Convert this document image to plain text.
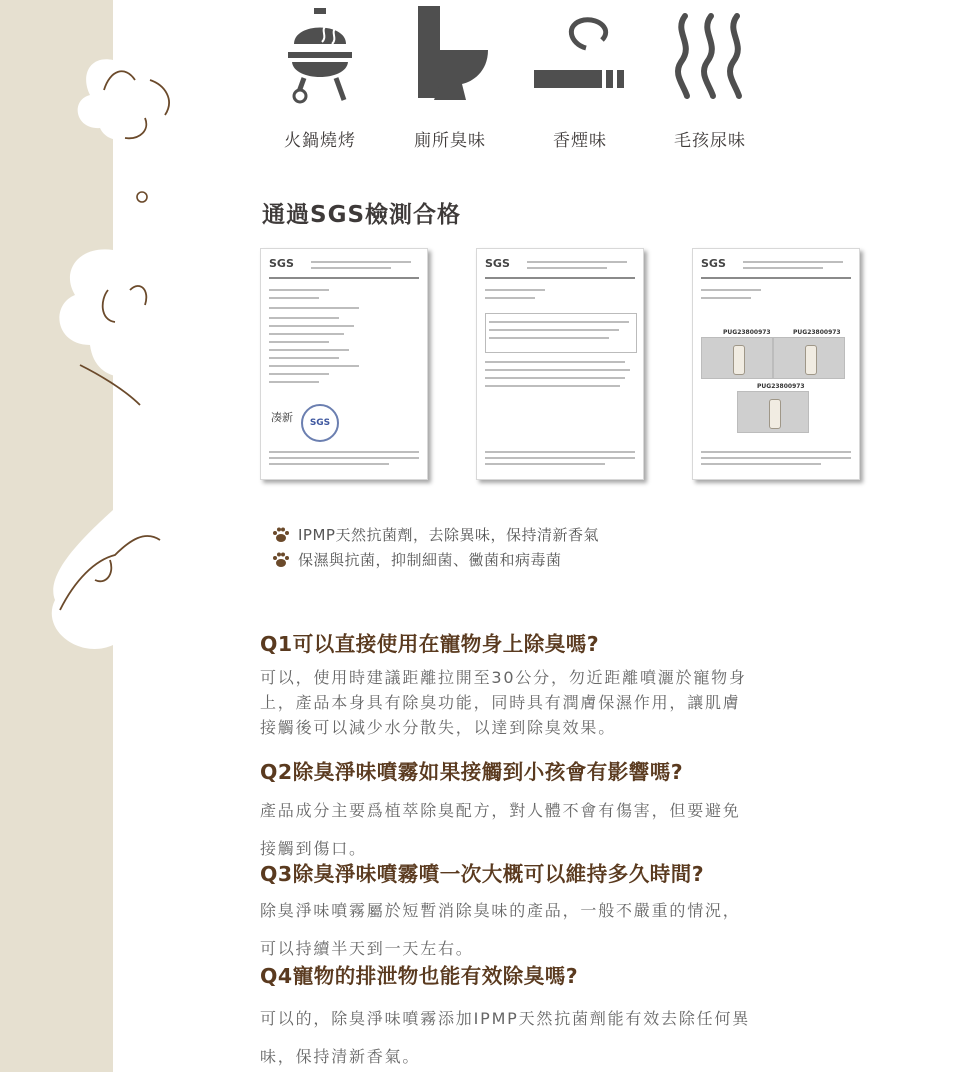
火鍋燒烤	廁所臭味	香煙味	毛孩尿味
通過SGS檢測合格
SGS
凑新	SGS
SGS	SGS
PUG23800973	PUG23800973
PUG23800973
IPMP天然抗菌劑，去除異味，保持清新香氣
保濕與抗菌，抑制細菌、黴菌和病毒菌
Q1可以直接使用在寵物身上除臭嗎?

可以，使用時建議距離拉開至30公分，勿近距離噴灑於寵物身
上，產品本身具有除臭功能，同時具有潤膚保濕作用，讓肌膚
接觸後可以減少水分散失，以達到除臭效果。

Q2除臭淨味噴霧如果接觸到小孩會有影響嗎?

產品成分主要爲植萃除臭配方，對人體不會有傷害，但要避免
接觸到傷口。

Q3除臭淨味噴霧噴一次大概可以維持多久時間?

除臭淨味噴霧屬於短暫消除臭味的產品，一般不嚴重的情況，
可以持續半天到一天左右。

Q4寵物的排泄物也能有效除臭嗎?

可以的，除臭淨味噴霧添加IPMP天然抗菌劑能有效去除任何異
味，保持清新香氣。
